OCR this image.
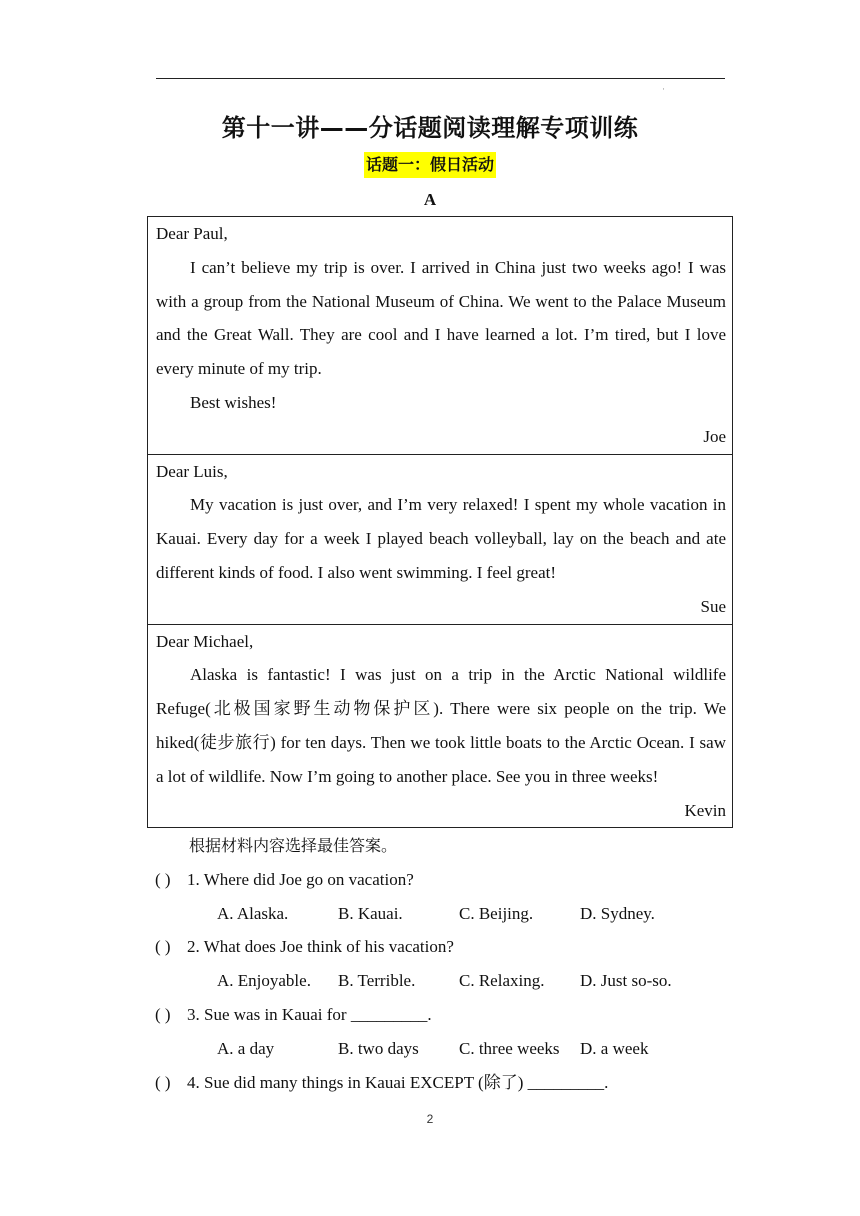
·
第十一讲——分话题阅读理解专项训练
话题一：假日活动
A
Dear Paul,
I can’t believe my trip is over. I arrived in China just two weeks ago! I was with a group from the National Museum of China. We went to the Palace Museum and the Great Wall. They are cool and I have learned a lot. I’m tired, but I love every minute of my trip.
Best wishes!
Joe
Dear Luis,
My vacation is just over, and I’m very relaxed! I spent my whole vacation in Kauai. Every day for a week I played beach volleyball, lay on the beach and ate different kinds of food. I also went swimming. I feel great!
Sue
Dear Michael,
Alaska is fantastic! I was just on a trip in the Arctic National wildlife Refuge(北极国家野生动物保护区). There were six people on the trip. We hiked(徒步旅行) for ten days. Then we took little boats to the Arctic Ocean. I saw a lot of wildlife. Now I’m going to another place. See you in three weeks!
Kevin
根据材料内容选择最佳答案。
( ) 1. Where did Joe go on vacation?
A. Alaska.	B. Kauai.	C. Beijing.	D. Sydney.
( ) 2. What does Joe think of his vacation?
A. Enjoyable.	B. Terrible.	C. Relaxing.	D. Just so-so.
( ) 3. Sue was in Kauai for _________.
A. a day	B. two days	C. three weeks	D. a week
( ) 4. Sue did many things in Kauai EXCEPT (除了) _________.
2
